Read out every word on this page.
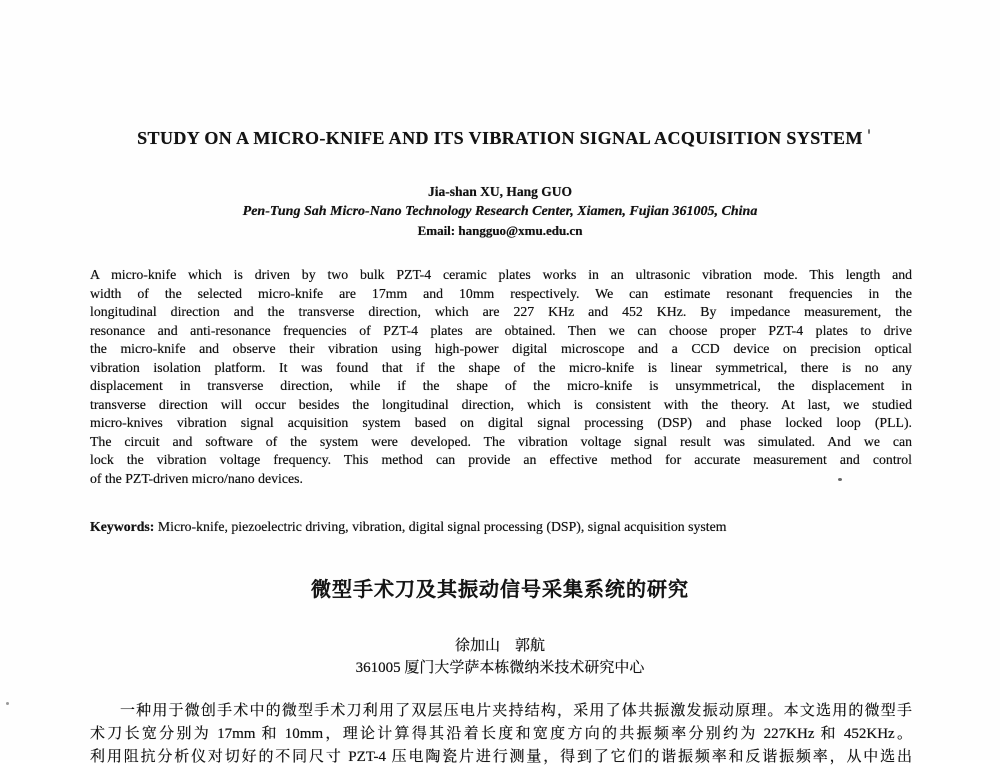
STUDY ON A MICRO-KNIFE AND ITS VIBRATION SIGNAL ACQUISITION SYSTEM
Jia-shan XU, Hang GUO
Pen-Tung Sah Micro-Nano Technology Research Center, Xiamen, Fujian 361005, China
Email: hangguo@xmu.edu.cn
A micro-knife which is driven by two bulk PZT-4 ceramic plates works in an ultrasonic vibration mode. This length and
width of the selected micro-knife are 17mm and 10mm respectively. We can estimate resonant frequencies in the
longitudinal direction and the transverse direction, which are 227 KHz and 452 KHz. By impedance measurement, the
resonance and anti-resonance frequencies of PZT-4 plates are obtained. Then we can choose proper PZT-4 plates to drive
the micro-knife and observe their vibration using high-power digital microscope and a CCD device on precision optical
vibration isolation platform. It was found that if the shape of the micro-knife is linear symmetrical, there is no any
displacement in transverse direction, while if the shape of the micro-knife is unsymmetrical, the displacement in
transverse direction will occur besides the longitudinal direction, which is consistent with the theory. At last, we studied
micro-knives vibration signal acquisition system based on digital signal processing (DSP) and phase locked loop (PLL).
The circuit and software of the system were developed. The vibration voltage signal result was simulated. And we can
lock the vibration voltage frequency. This method can provide an effective method for accurate measurement and control
of the PZT-driven micro/nano devices.
Keywords: Micro-knife, piezoelectric driving, vibration, digital signal processing (DSP), signal acquisition system
微型手术刀及其振动信号采集系统的研究
徐加山　郭航
361005 厦门大学萨本栋微纳米技术研究中心
一种用于微创手术中的微型手术刀利用了双层压电片夹持结构，采用了体共振激发振动原理。本文选用的微型手
术刀长宽分别为 17mm 和 10mm，理论计算得其沿着长度和宽度方向的共振频率分别约为 227KHz 和 452KHz。
利用阻抗分析仪对切好的不同尺寸 PZT-4 压电陶瓷片进行测量，得到了它们的谐振频率和反谐振频率，从中选出
